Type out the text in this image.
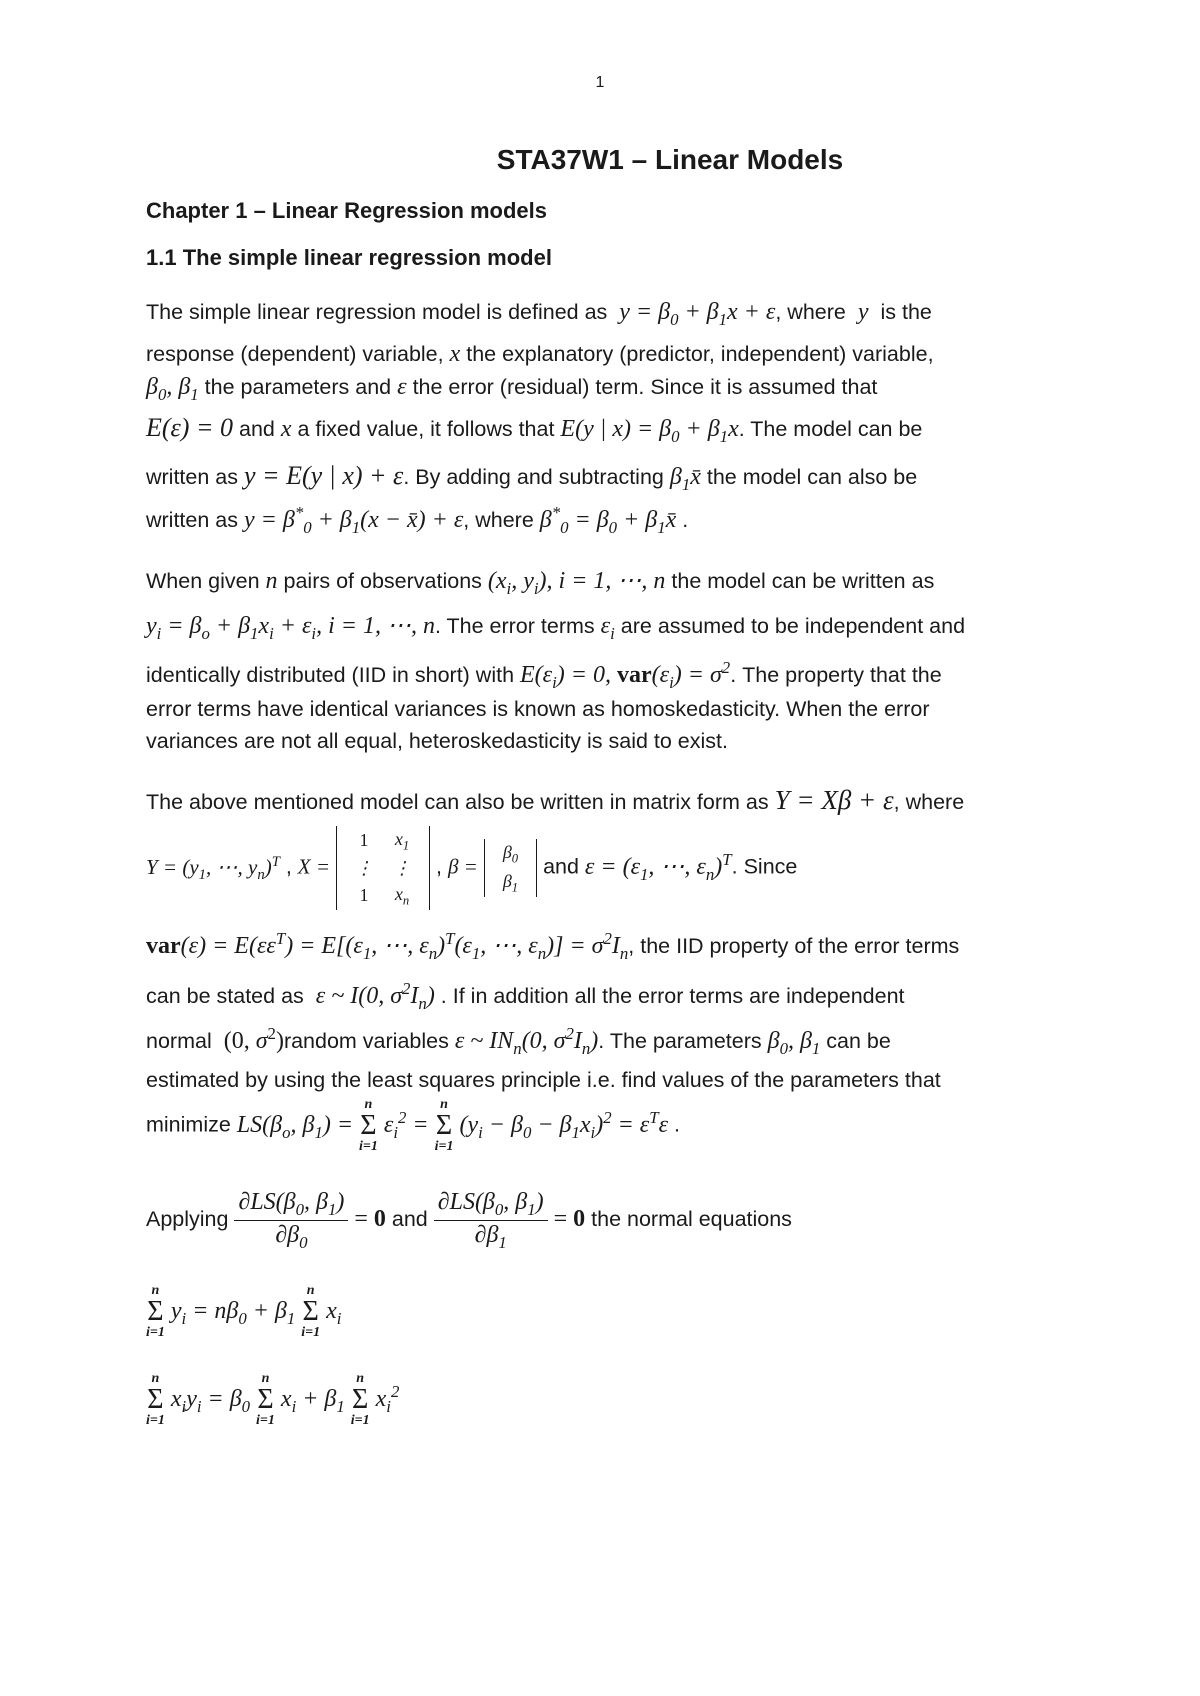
1
STA37W1 – Linear Models
Chapter 1 – Linear Regression models
1.1 The simple linear regression model
The simple linear regression model is defined as  $y = \beta_0 + \beta_1x + \varepsilon$, where  y  is the
response (dependent) variable, x the explanatory (predictor, independent) variable,
$\beta_0$, $\beta_1$ the parameters and ε the error (residual) term. Since it is assumed that
E(ε) = 0 and x a fixed value, it follows that E(y | $x) = \beta_0 + \beta_1x$. The model can be
written as y = E(y | x) + ε. By adding and subtracting $\beta_1x̄$ the model can also be
written as $y = \beta^*_0 + \beta_1(x$ − x̄) + ε, where $\beta^*_0 = \beta_0$ + $\beta_1x̄$ .
When given n pairs of observations ($x_i$, $y_i$), i = 1, ⋯, n the model can be written as
$y_i = \beta_o + \beta_1x_i + \varepsilon_i$, i = 1, ⋯, n. The error terms $\varepsilon_i$ are assumed to be independent and
identically distributed (IID in short) with $E(\varepsilon_i) = 0$, $var(\varepsilon_i) = \sigma^2$. The property that the
error terms have identical variances is known as homoskedasticity. When the error
variances are not all equal, heteroskedasticity is said to exist.
The above mentioned model can also be written in matrix form as Y = Xβ + ε, where
$Y = (y_1$, ⋯, $y_n)^T$ , X =
1	$x_1$
⋮	⋮
1	$x_n$
, β =
$\beta_0$
$\beta_1$
and $\varepsilon = (\varepsilon_1$, ⋯, $\varepsilon_n)^T$. Since
$var(\varepsilon) = E(\varepsilon\varepsilon^T) = E[(\varepsilon_1$, ⋯, $\varepsilon_n)^T(\varepsilon_1$, ⋯, $\varepsilon_n)] = \sigma^2I_n$, the IID property of the error terms
can be stated as  ε ~ I(0, $\sigma^2I_n$) . If in addition all the error terms are independent
normal  (0, $\sigma^2)random$ variables ε ~ $IN_n(0$, $\sigma^2I_n$). The parameters $\beta_0$, $\beta_1$ can be
estimated by using the least squares principle i.e. find values of the parameters that
minimize $LS(\beta_o$, $\beta_1$) =
n
Σ
i=1
$\varepsilon_i^2$ =
n
Σ
i=1
$(y_i - \beta_0 - \beta_1x_i)^2 = \varepsilon^T\varepsilon$ .
Applying $\frac{\partial LS(\beta_0, \beta_1)}{\partial\beta_0} = 0$ and $\frac{\partial LS(\beta_0, \beta_1)}{\partial\beta_1} = 0$ the normal equations
n
Σ
i=1
$y_i = n\beta_0 + \beta_1$
n
Σ
i=1
$x_i$
n
Σ
i=1
$x_iy_i = \beta_0$
n
Σ
i=1
$x_i + \beta_1$
n
Σ
i=1
$x_i^2$
